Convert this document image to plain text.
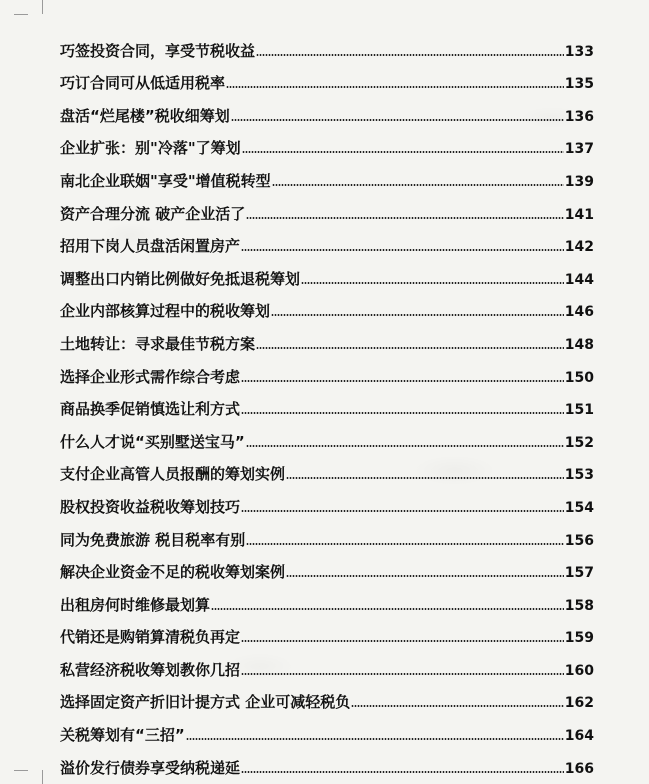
巧签投资合同，享受节税收益	133
巧订合同可从低适用税率	135
盘活“烂尾楼”税收细筹划	136
企业扩张：别"冷落"了筹划	137
南北企业联姻"享受"增值税转型	139
资产合理分流 破产企业活了	141
招用下岗人员盘活闲置房产	142
调整出口内销比例做好免抵退税筹划	144
企业内部核算过程中的税收筹划	146
土地转让：寻求最佳节税方案	148
选择企业形式需作综合考虑	150
商品换季促销慎选让利方式	151
什么人才说“买别墅送宝马”	152
支付企业高管人员报酬的筹划实例	153
股权投资收益税收筹划技巧	154
同为免费旅游 税目税率有别	156
解决企业资金不足的税收筹划案例	157
出租房何时维修最划算	158
代销还是购销算清税负再定	159
私营经济税收筹划教你几招	160
选择固定资产折旧计提方式 企业可减轻税负	162
关税筹划有“三招”	164
溢价发行债券享受纳税递延	166
